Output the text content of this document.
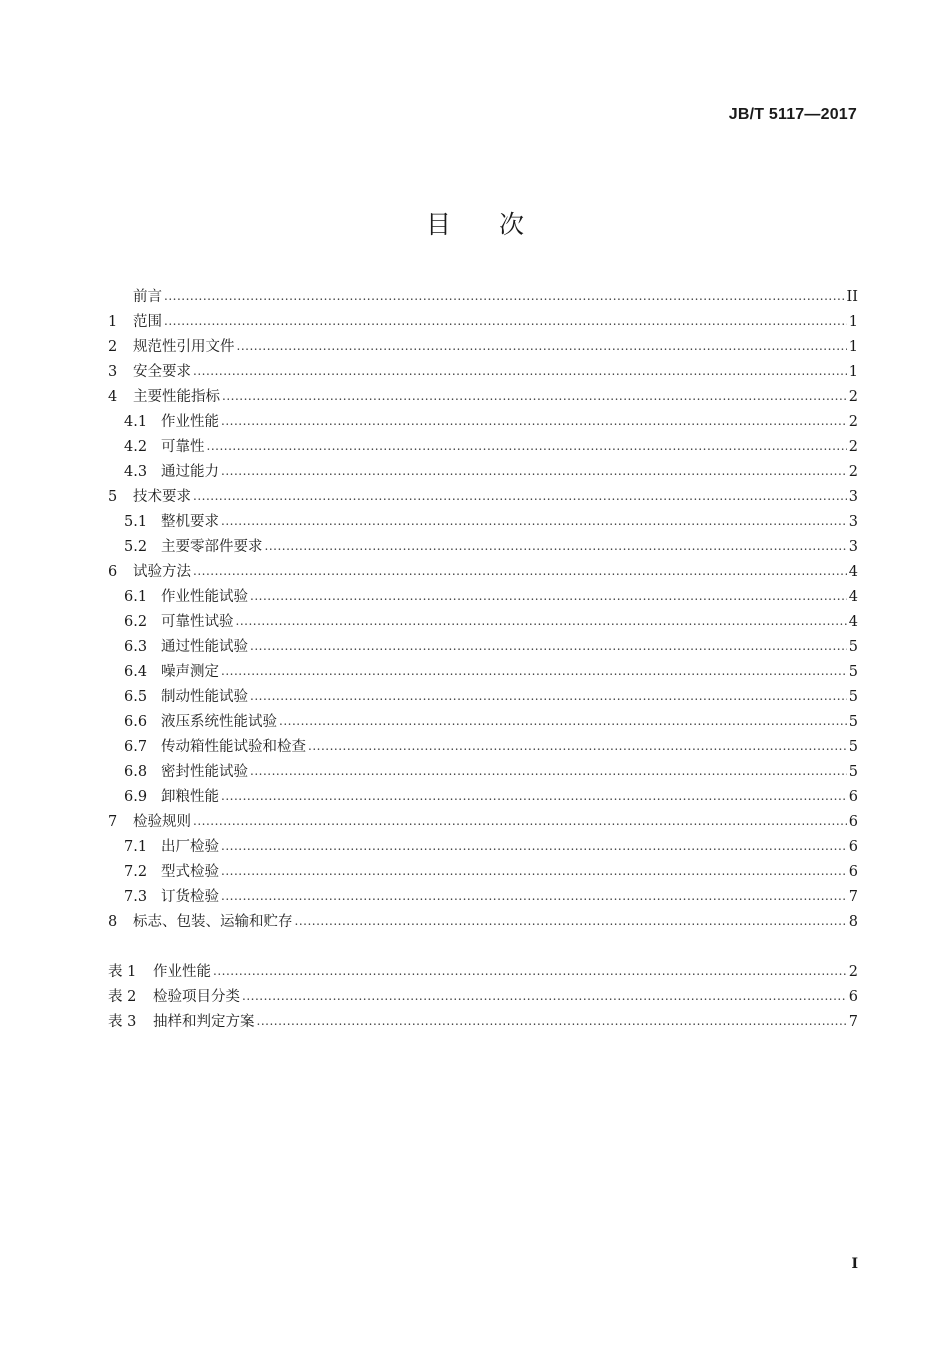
JB/T 5117—2017
目次
前言 .....	II
1	范围 .....	1
2	规范性引用文件 .....	1
3	安全要求 .....	1
4	主要性能指标 .....	2
4.1 作业性能 .....	2
4.2 可靠性 .....	2
4.3 通过能力 .....	2
5	技术要求 .....	3
5.1 整机要求 .....	3
5.2 主要零部件要求 .....	3
6	试验方法 .....	4
6.1 作业性能试验 .....	4
6.2 可靠性试验 .....	4
6.3 通过性能试验 .....	5
6.4 噪声测定 .....	5
6.5 制动性能试验 .....	5
6.6 液压系统性能试验 .....	5
6.7 传动箱性能试验和检查 .....	5
6.8 密封性能试验 .....	5
6.9 卸粮性能 .....	6
7	检验规则 .....	6
7.1 出厂检验 .....	6
7.2 型式检验 .....	6
7.3 订货检验 .....	7
8	标志、包装、运输和贮存 .....	8
表 1	作业性能 .....	2
表 2	检验项目分类 .....	6
表 3	抽样和判定方案 .....	7
I
